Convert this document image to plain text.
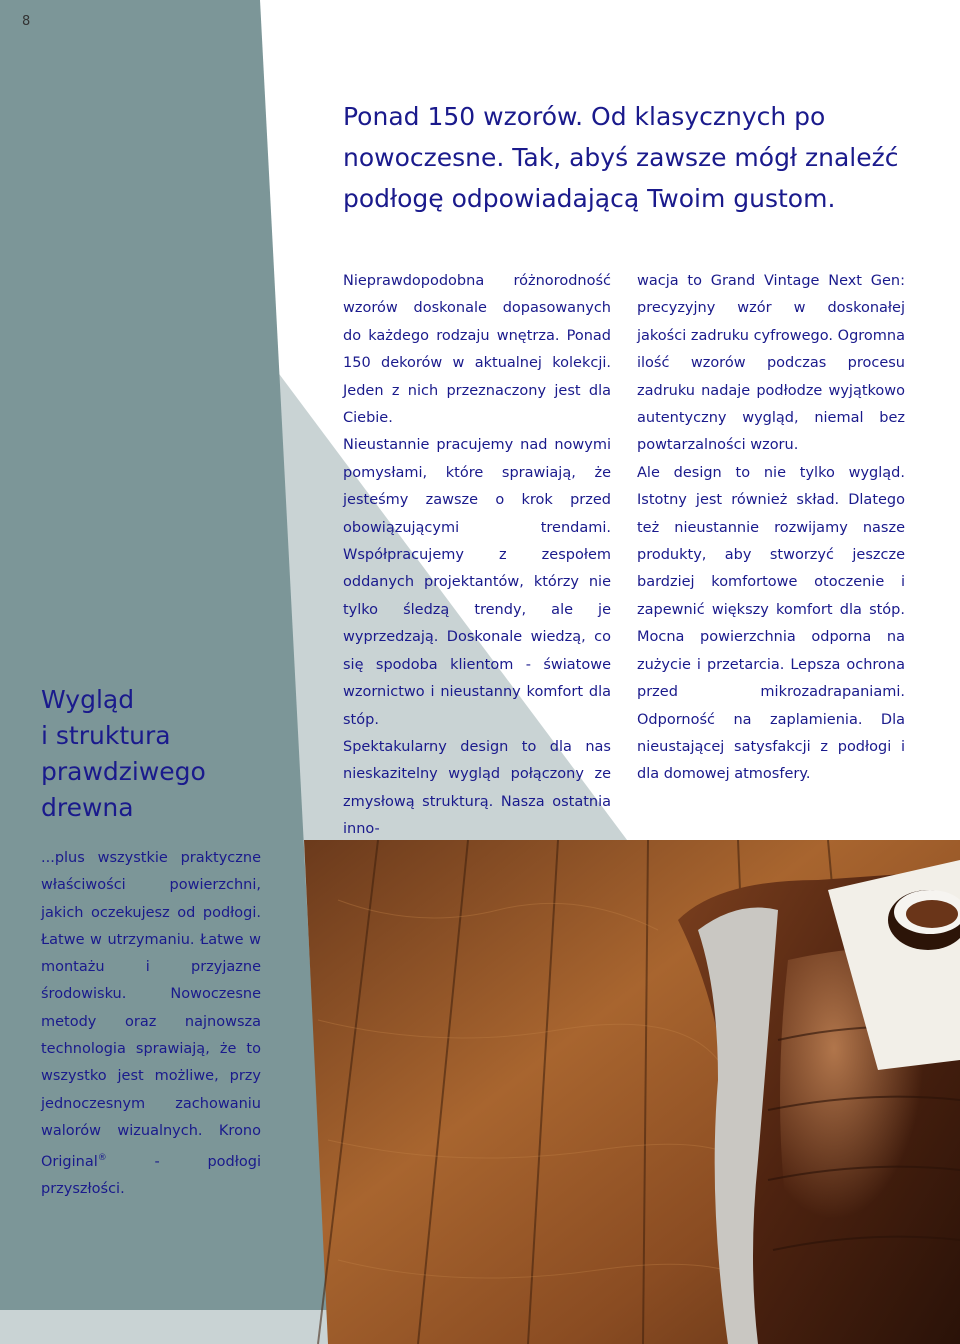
8
Ponad 150 wzorów. Od klasycznych po
nowoczesne. Tak, abyś zawsze mógł znaleźć
podłogę odpowiadającą Twoim gustom.

Nieprawdopodobna różnorodność wzorów doskonale dopasowanych do każdego rodzaju wnętrza. Ponad 150 dekorów w aktualnej kolekcji. Jeden z nich przeznaczony jest dla Ciebie.

Nieustannie pracujemy nad nowymi pomysłami, które sprawiają, że jesteśmy zawsze o krok przed obowiązującymi trendami. Współpracujemy z zespołem oddanych projektantów, którzy nie tylko śledzą trendy, ale je wyprzedzają. Doskonale wiedzą, co się spodoba klientom - światowe wzornictwo i nieustanny komfort dla stóp.

Spektakularny design to dla nas nieskazitelny wygląd połączony ze zmysłową strukturą. Nasza ostatnia inno-

wacja to Grand Vintage Next Gen: precyzyjny wzór w doskonałej jakości zadruku cyfrowego. Ogromna ilość wzorów podczas procesu zadruku nadaje podłodze wyjątkowo autentyczny wygląd, niemal bez powtarzalności wzoru.

Ale design to nie tylko wygląd. Istotny jest również skład. Dlatego też nieustannie rozwijamy nasze produkty, aby stworzyć jeszcze bardziej komfortowe otoczenie i zapewnić większy komfort dla stóp. Mocna powierzchnia odporna na zużycie i przetarcia. Lepsza ochrona przed mikrozadrapaniami. Odporność na zaplamienia. Dla nieustającej satysfakcji z podłogi i dla domowej atmosfery.

Wygląd
i struktura
prawdziwego
drewna

...plus wszystkie praktyczne właściwości powierzchni, jakich oczekujesz od podłogi. Łatwe w utrzymaniu. Łatwe w montażu i przyjazne środowisku. Nowoczesne metody oraz najnowsza technologia sprawiają, że to wszystko jest możliwe, przy jednoczesnym zachowaniu walorów wizualnych. Krono Original® - podłogi przyszłości.
